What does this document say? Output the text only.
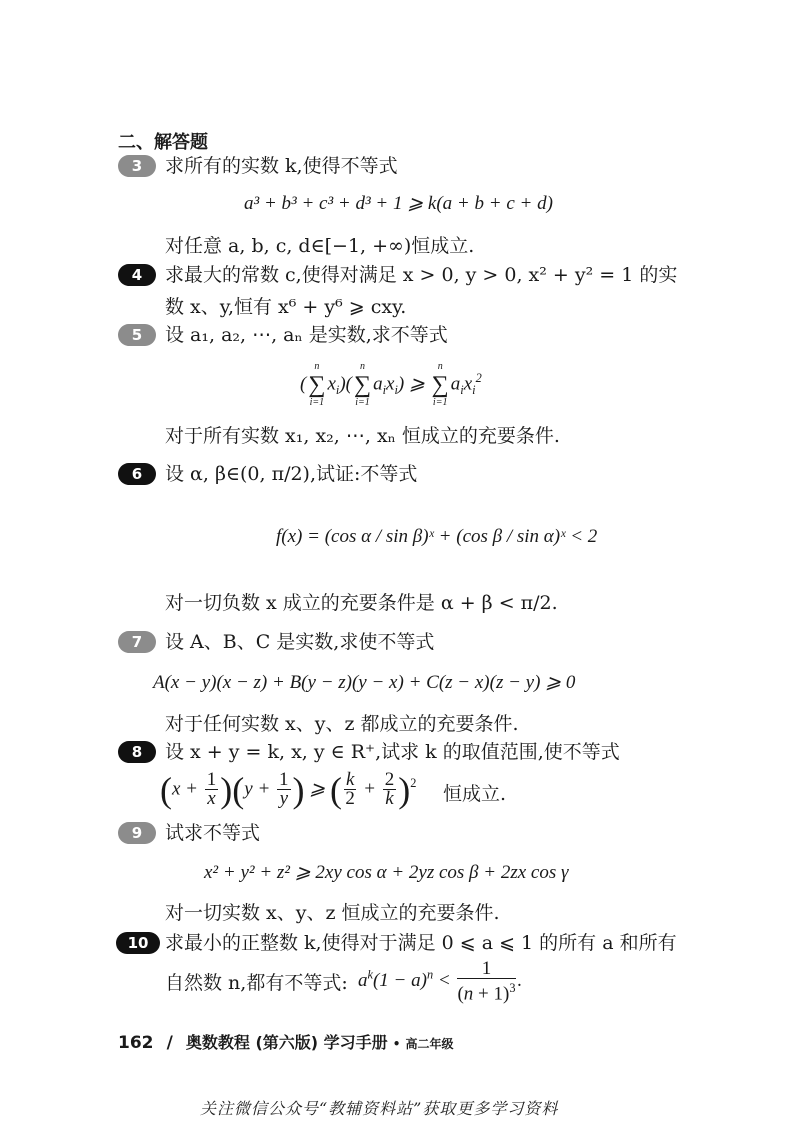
二、解答题
3	求所有的实数 k,使得不等式
a³ + b³ + c³ + d³ + 1 ⩾ k(a + b + c + d)
对任意 a, b, c, d∈[−1, +∞)恒成立.
4	求最大的常数 c,使得对满足 x > 0, y > 0, x² + y² = 1 的实
数 x、y,恒有 x⁶ + y⁶ ⩾ cxy.
5	设 a₁, a₂, ⋯, aₙ 是实数,求不等式
(
n
∑
i=1
$x_i$)(
n
∑
i=1
$a_ix_i$) ⩾
n
∑
i=1
$a_ix_i^2$
对于所有实数 x₁, x₂, ⋯, xₙ 恒成立的充要条件.
6	设 α, β∈(0, π/2),试证:不等式
f(x) = (cos α / sin β)ˣ + (cos β / sin α)ˣ < 2
对一切负数 x 成立的充要条件是 α + β < π/2.
7	设 A、B、C 是实数,求使不等式
A(x − y)(x − z) + B(y − z)(y − x) + C(z − x)(z − y) ⩾ 0
对于任何实数 x、y、z 都成立的充要条件.
8	设 x + y = k, x, y ∈ R⁺,试求 k 的取值范围,使不等式
$(x + \frac{1}{x} )(y + \frac{1}{y}$ ) ⩾ ( $\frac{k}{2} + \frac{2}{k} )^2$ 恒成立.
9	试求不等式
x² + y² + z² ⩾ 2xy cos α + 2yz cos β + 2zx cos γ
对一切实数 x、y、z 恒成立的充要条件.
10 求最小的正整数 k,使得对于满足 0 ⩽ a ⩽ 1 的所有 a 和所有
自然数 n,都有不等式: $a^k(1 - a)^n < \frac{1}{(n + 1)^3}$ .
162 / 奥数教程 (第六版) 学习手册 • 高二年级
关注微信公众号“教辅资料站”获取更多学习资料
